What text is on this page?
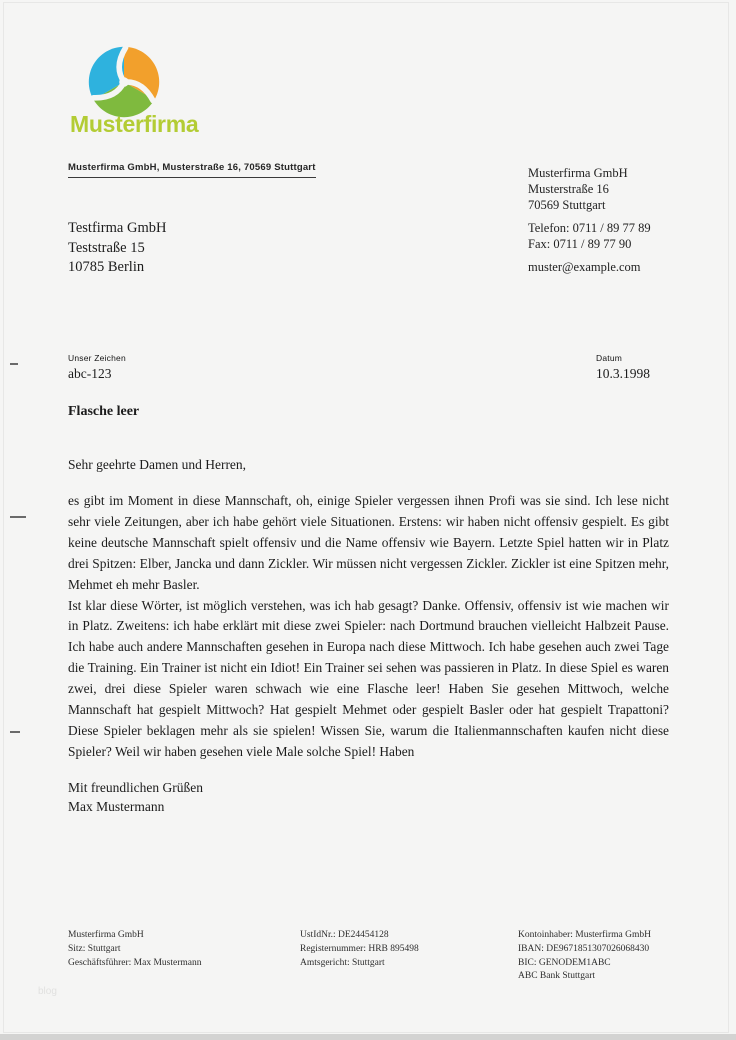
Musterfirma
Musterfirma GmbH, Musterstraße 16, 70569 Stuttgart
Testfirma GmbH
Teststraße 15
10785 Berlin
Musterfirma GmbH
Musterstraße 16
70569 Stuttgart
Telefon: 0711 / 89 77 89
Fax: 0711 / 89 77 90
muster@example.com
Unser Zeichen
abc-123
Datum
10.3.1998
Flasche leer
Sehr geehrte Damen und Herren,
es gibt im Moment in diese Mannschaft, oh, einige Spieler vergessen ihnen Profi was sie sind. Ich lese nicht sehr viele Zeitungen, aber ich habe gehört viele Situationen. Erstens: wir haben nicht offensiv gespielt. Es gibt keine deutsche Mannschaft spielt offensiv und die Name offensiv wie Bayern. Letzte Spiel hatten wir in Platz drei Spitzen: Elber, Jancka und dann Zickler. Wir müssen nicht vergessen Zickler. Zickler ist eine Spitzen mehr, Mehmet eh mehr Basler.
Ist klar diese Wörter, ist möglich verstehen, was ich hab gesagt? Danke. Offensiv, offensiv ist wie machen wir in Platz. Zweitens: ich habe erklärt mit diese zwei Spieler: nach Dortmund brauchen vielleicht Halbzeit Pause. Ich habe auch andere Mannschaften gesehen in Europa nach diese Mittwoch. Ich habe gesehen auch zwei Tage die Training. Ein Trainer ist nicht ein Idiot! Ein Trainer sei sehen was passieren in Platz. In diese Spiel es waren zwei, drei diese Spieler waren schwach wie eine Flasche leer! Haben Sie gesehen Mittwoch, welche Mannschaft hat gespielt Mittwoch? Hat gespielt Mehmet oder gespielt Basler oder hat gespielt Trapattoni? Diese Spieler beklagen mehr als sie spielen! Wissen Sie, warum die Italienmannschaften kaufen nicht diese Spieler? Weil wir haben gesehen viele Male solche Spiel! Haben
Mit freundlichen Grüßen
Max Mustermann
Musterfirma GmbH
Sitz: Stuttgart
Geschäftsführer: Max Mustermann
UstIdNr.: DE24454128
Registernummer: HRB 895498
Amtsgericht: Stuttgart
Kontoinhaber: Musterfirma GmbH
IBAN: DE9671851307026068430
BIC: GENODEM1ABC
ABC Bank Stuttgart
blog
